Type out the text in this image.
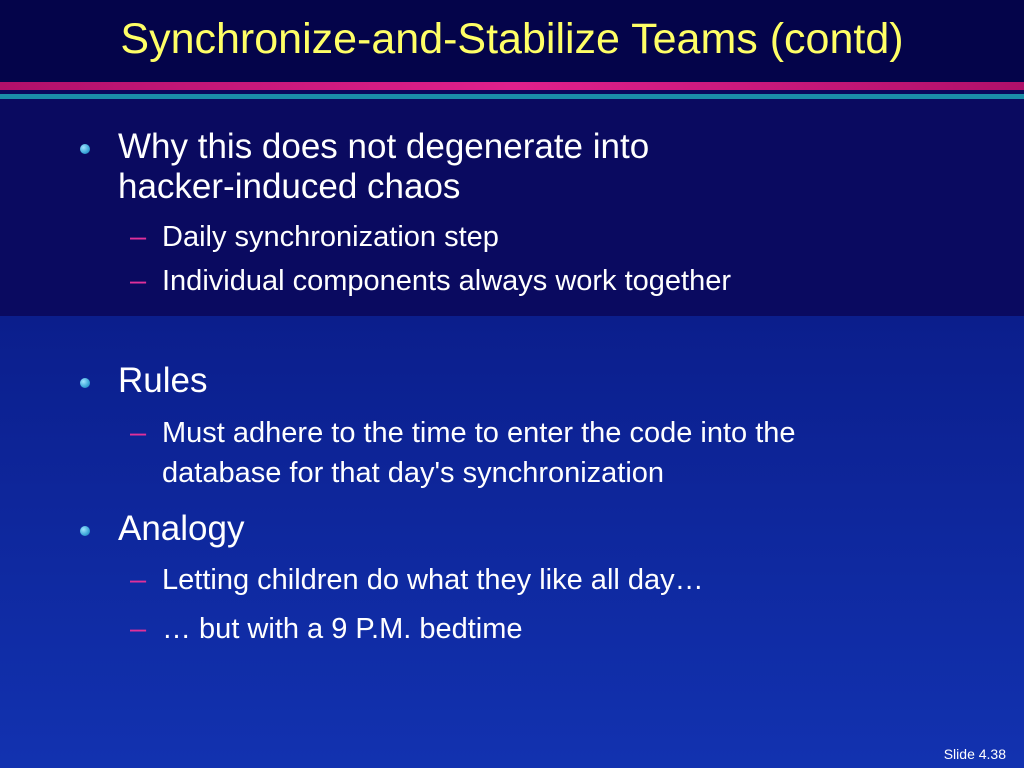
Synchronize-and-Stabilize Teams (contd)
Why this does not degenerate into
hacker-induced chaos
– Daily synchronization step
– Individual components always work together
Rules
– Must adhere to the time to enter the code into the
database for that day's synchronization
Analogy
– Letting children do what they like all day…
– … but with a 9 P.M. bedtime
Slide 4.38
